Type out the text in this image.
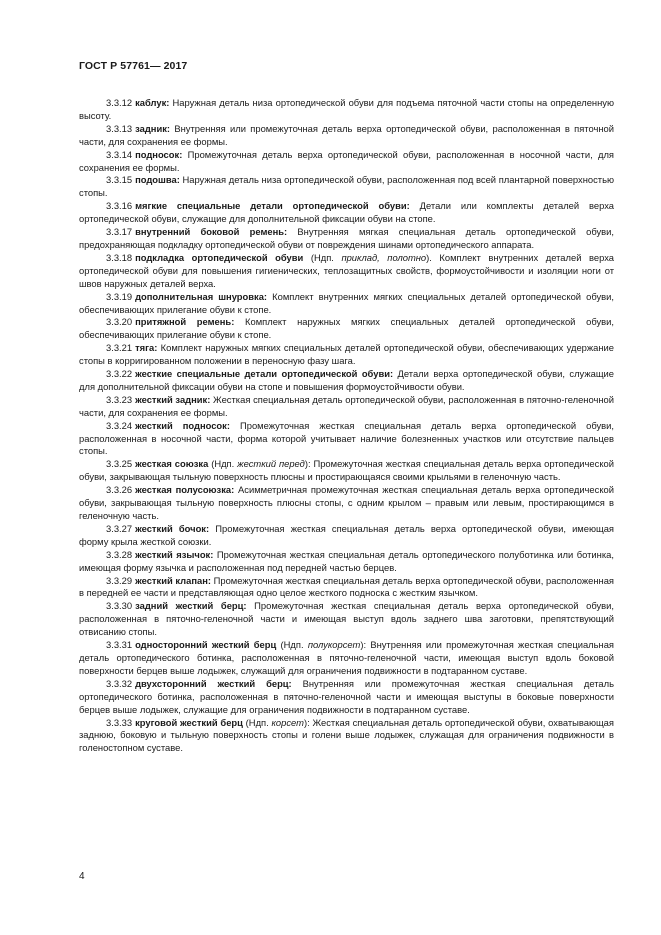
ГОСТ Р 57761— 2017

3.3.12 каблук: Наружная деталь низа ортопедической обуви для подъема пяточной части стопы на определенную высоту.

3.3.13 задник: Внутренняя или промежуточная деталь верха ортопедической обуви, расположенная в пяточной части, для сохранения ее формы.

3.3.14 подносок: Промежуточная деталь верха ортопедической обуви, расположенная в носочной части, для сохранения ее формы.

3.3.15 подошва: Наружная деталь низа ортопедической обуви, расположенная под всей плантарной поверхностью стопы.

3.3.16 мягкие специальные детали ортопедической обуви: Детали или комплекты деталей верха ортопедической обуви, служащие для дополнительной фиксации обуви на стопе.

3.3.17 внутренний боковой ремень: Внутренняя мягкая специальная деталь ортопедической обуви, предохраняющая подкладку ортопедической обуви от повреждения шинами ортопедического аппарата.

3.3.18 подкладка ортопедической обуви (Ндп. приклад, полотно). Комплект внутренних деталей верха ортопедической обуви для повышения гигиенических, теплозащитных свойств, формоустойчивости и изоляции ноги от швов наружных деталей верха.

3.3.19 дополнительная шнуровка: Комплект внутренних мягких специальных деталей ортопедической обуви, обеспечивающих прилегание обуви к стопе.

3.3.20 притяжной ремень: Комплект наружных мягких специальных деталей ортопедической обуви, обеспечивающих прилегание обуви к стопе.

3.3.21 тяга: Комплект наружных мягких специальных деталей ортопедической обуви, обеспечивающих удержание стопы в корригированном положении в переносную фазу шага.

3.3.22 жесткие специальные детали ортопедической обуви: Детали верха ортопедической обуви, служащие для дополнительной фиксации обуви на стопе и повышения формоустойчивости обуви.

3.3.23 жесткий задник: Жесткая специальная деталь ортопедической обуви, расположенная в пяточно-геленочной части, для сохранения ее формы.

3.3.24 жесткий подносок: Промежуточная жесткая специальная деталь верха ортопедической обуви, расположенная в носочной части, форма которой учитывает наличие болезненных участков или отсутствие пальцев стопы.

3.3.25 жесткая союзка (Ндп. жесткий перед): Промежуточная жесткая специальная деталь верха ортопедической обуви, закрывающая тыльную поверхность плюсны и простирающаяся своими крыльями в геленочную часть.

3.3.26 жесткая полусоюзка: Асимметричная промежуточная жесткая специальная деталь верха ортопедической обуви, закрывающая тыльную поверхность плюсны стопы, с одним крылом – правым или левым, простирающимся в геленочную часть.

3.3.27 жесткий бочок: Промежуточная жесткая специальная деталь верха ортопедической обуви, имеющая форму крыла жесткой союзки.

3.3.28 жесткий язычок: Промежуточная жесткая специальная деталь ортопедического полуботинка или ботинка, имеющая форму язычка и расположенная под передней частью берцев.

3.3.29 жесткий клапан: Промежуточная жесткая специальная деталь верха ортопедической обуви, расположенная в передней ее части и представляющая одно целое жесткого подноска с жестким язычком.

3.3.30 задний жесткий берц: Промежуточная жесткая специальная деталь верха ортопедической обуви, расположенная в пяточно-геленочной части и имеющая выступ вдоль заднего шва заготовки, препятствующий отвисанию стопы.

3.3.31 односторонний жесткий берц (Ндп. полукорсет): Внутренняя или промежуточная жесткая специальная деталь ортопедического ботинка, расположенная в пяточно-геленочной части, имеющая выступ вдоль боковой поверхности берцев выше лодыжек, служащий для ограничения подвижности в подтаранном суставе.

3.3.32 двухсторонний жесткий берц: Внутренняя или промежуточная жесткая специальная деталь ортопедического ботинка, расположенная в пяточно-геленочной части и имеющая выступы в боковые поверхности берцев выше лодыжек, служащие для ограничения подвижности в подтаранном суставе.

3.3.33 круговой жесткий берц (Ндп. корсет): Жесткая специальная деталь ортопедической обуви, охватывающая заднюю, боковую и тыльную поверхность стопы и голени выше лодыжек, служащая для ограничения подвижности в голеностопном суставе.

4
